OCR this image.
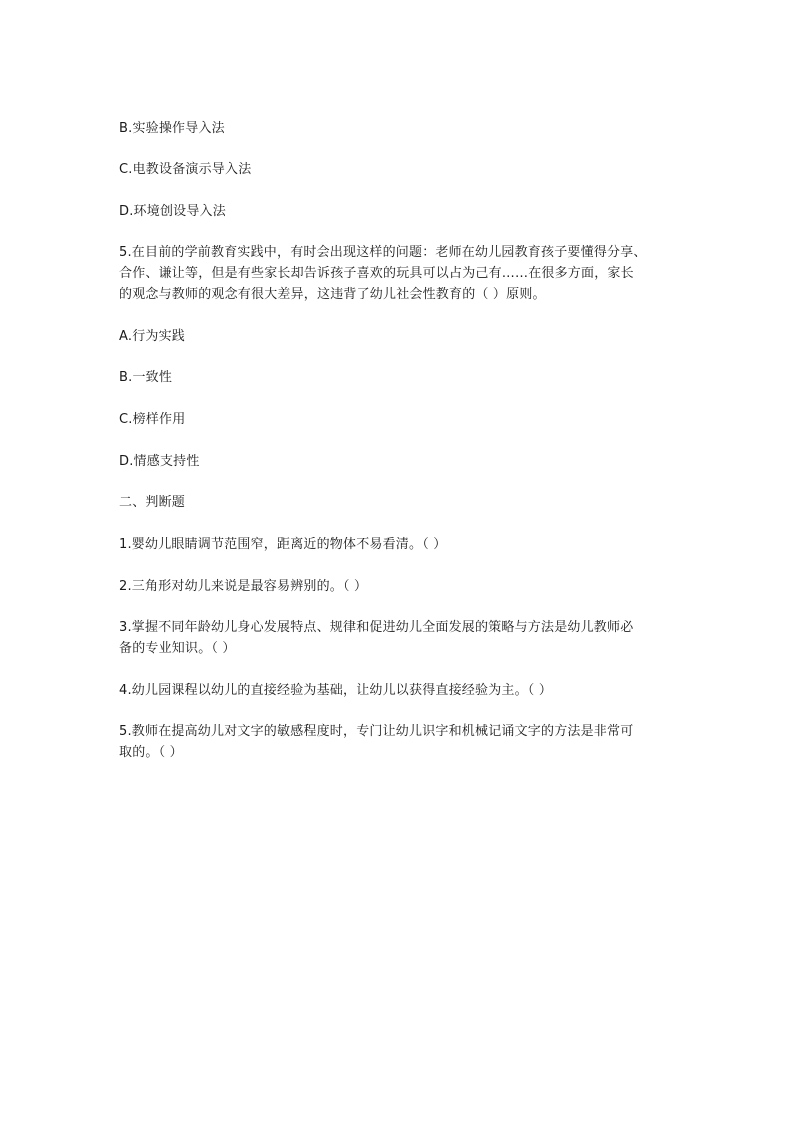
B.实验操作导入法
C.电教设备演示导入法
D.环境创设导入法
5.在目前的学前教育实践中，有时会出现这样的问题：老师在幼儿园教育孩子要懂得分享、
合作、谦让等，但是有些家长却告诉孩子喜欢的玩具可以占为己有……在很多方面，家长
的观念与教师的观念有很大差异，这违背了幼儿社会性教育的（ ）原则。
A.行为实践
B.一致性
C.榜样作用
D.情感支持性
二、判断题
1.婴幼儿眼睛调节范围窄，距离近的物体不易看清。（ ）
2.三角形对幼儿来说是最容易辨别的。（ ）
3.掌握不同年龄幼儿身心发展特点、规律和促进幼儿全面发展的策略与方法是幼儿教师必
备的专业知识。（ ）
4.幼儿园课程以幼儿的直接经验为基础，让幼儿以获得直接经验为主。（ ）
5.教师在提高幼儿对文字的敏感程度时，专门让幼儿识字和机械记诵文字的方法是非常可
取的。（ ）
